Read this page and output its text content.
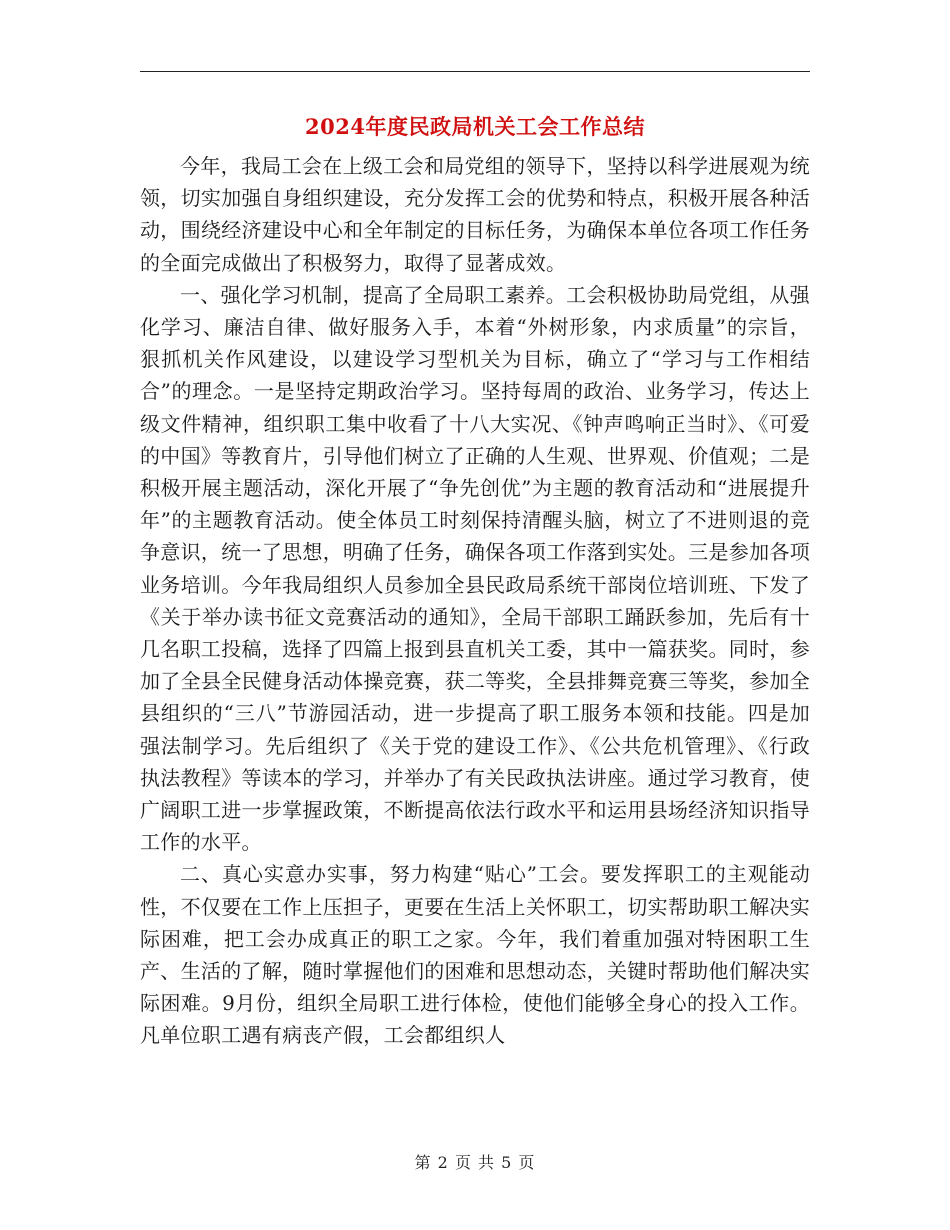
2024年度民政局机关工会工作总结

今年，我局工会在上级工会和局党组的领导下，坚持以科学进展观为统领，切实加强自身组织建设，充分发挥工会的优势和特点，积极开展各种活动，围绕经济建设中心和全年制定的目标任务，为确保本单位各项工作任务的全面完成做出了积极努力，取得了显著成效。

一、强化学习机制，提高了全局职工素养。工会积极协助局党组，从强化学习、廉洁自律、做好服务入手，本着“外树形象，内求质量”的宗旨，狠抓机关作风建设，以建设学习型机关为目标，确立了“学习与工作相结合”的理念。一是坚持定期政治学习。坚持每周的政治、业务学习，传达上级文件精神，组织职工集中收看了十八大实况、《钟声鸣响正当时》、《可爱的中国》等教育片，引导他们树立了正确的人生观、世界观、价值观；二是积极开展主题活动，深化开展了“争先创优”为主题的教育活动和“进展提升年”的主题教育活动。使全体员工时刻保持清醒头脑，树立了不进则退的竞争意识，统一了思想，明确了任务，确保各项工作落到实处。三是参加各项业务培训。今年我局组织人员参加全县民政局系统干部岗位培训班、下发了《关于举办读书征文竞赛活动的通知》，全局干部职工踊跃参加，先后有十几名职工投稿，选择了四篇上报到县直机关工委，其中一篇获奖。同时，参加了全县全民健身活动体操竞赛，获二等奖，全县排舞竞赛三等奖，参加全县组织的“三八”节游园活动，进一步提高了职工服务本领和技能。四是加强法制学习。先后组织了《关于党的建设工作》、《公共危机管理》、《行政执法教程》等读本的学习，并举办了有关民政执法讲座。通过学习教育，使广阔职工进一步掌握政策，不断提高依法行政水平和运用县场经济知识指导工作的水平。

二、真心实意办实事，努力构建“贴心”工会。要发挥职工的主观能动性，不仅要在工作上压担子，更要在生活上关怀职工，切实帮助职工解决实际困难，把工会办成真正的职工之家。今年，我们着重加强对特困职工生产、生活的了解，随时掌握他们的困难和思想动态，关键时帮助他们解决实际困难。9月份，组织全局职工进行体检，使他们能够全身心的投入工作。凡单位职工遇有病丧产假，工会都组织人

第 2 页 共 5 页
